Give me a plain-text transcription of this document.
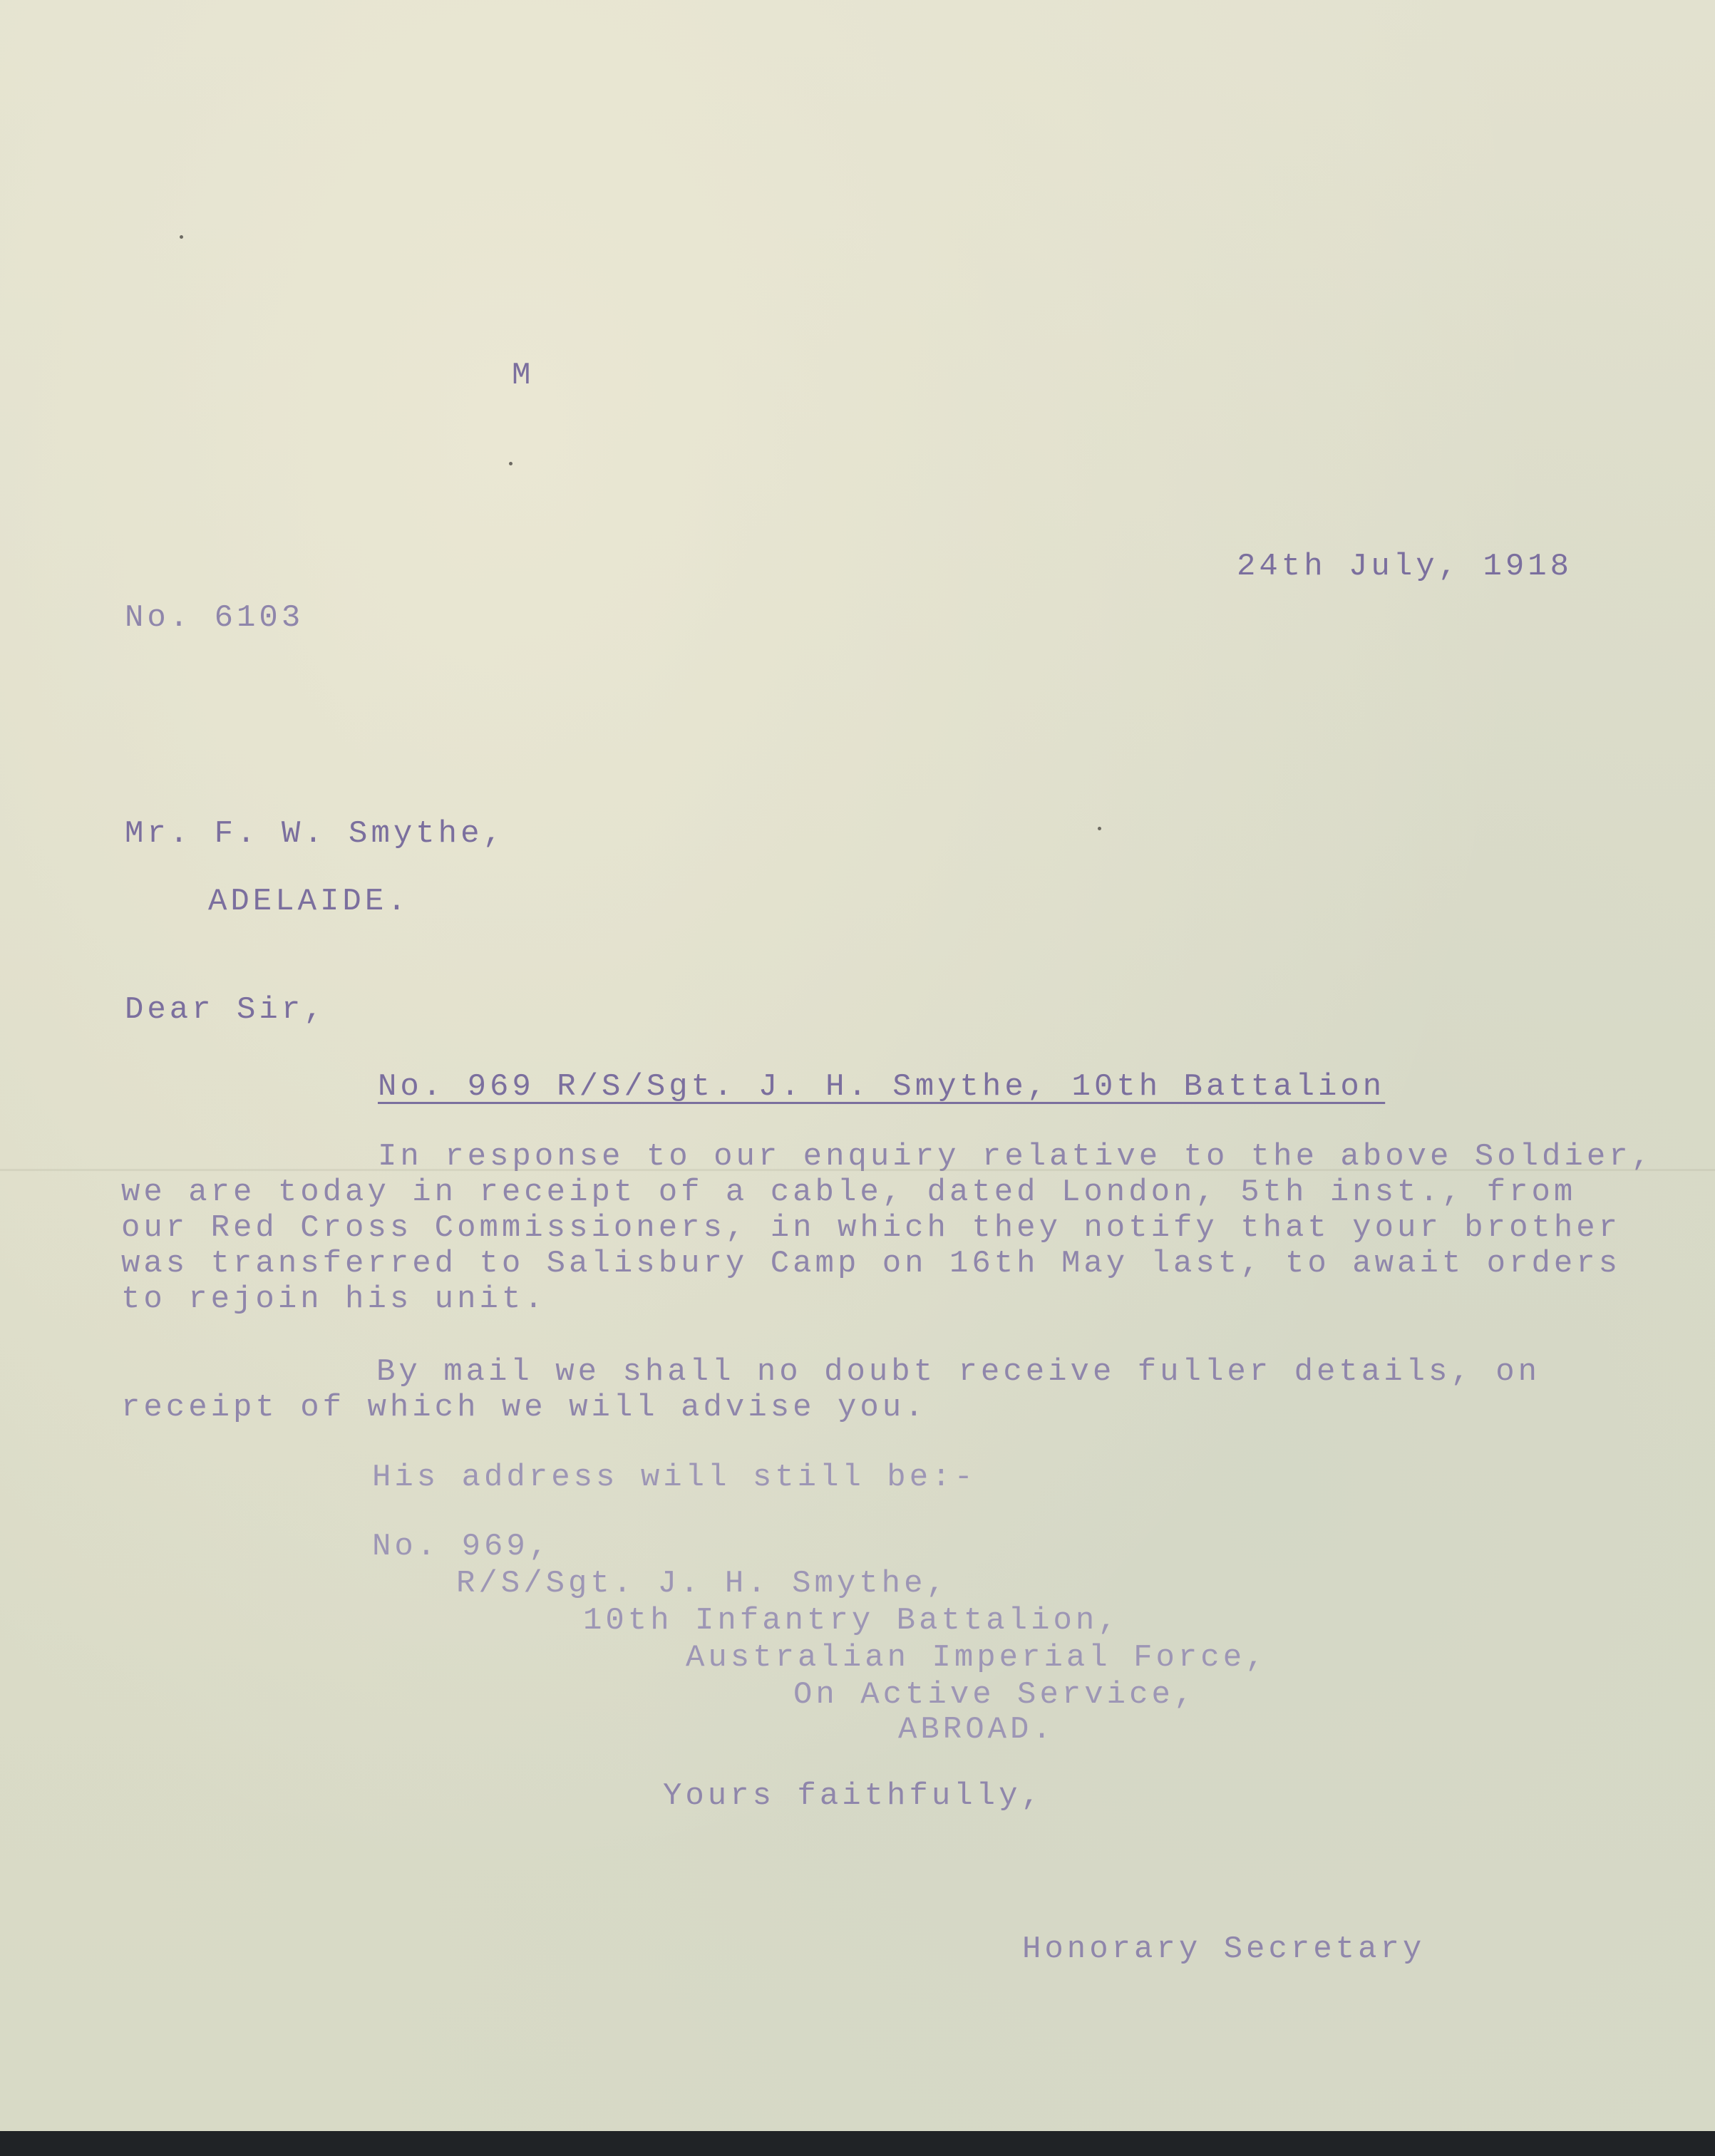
M
24th July, 1918
No. 6103
Mr. F. W. Smythe,
ADELAIDE.
Dear Sir,
No. 969 R/S/Sgt. J. H. Smythe, 10th Battalion
In response to our enquiry relative to the above Soldier,
we are today in receipt of a cable, dated London, 5th inst., from
our Red Cross Commissioners, in which they notify that your brother
was transferred to Salisbury Camp on 16th May last, to await orders
to rejoin his unit.
By mail we shall no doubt receive fuller details, on
receipt of which we will advise you.
His address will still be:-
No. 969,
R/S/Sgt. J. H. Smythe,
10th Infantry Battalion,
Australian Imperial Force,
On Active Service,
ABROAD.
Yours faithfully,
Honorary Secretary
